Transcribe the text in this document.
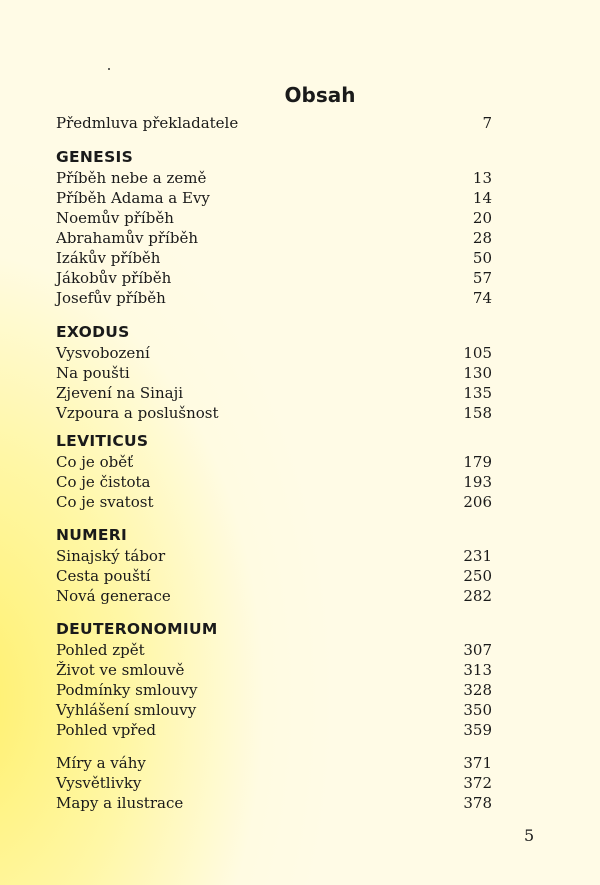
Obsah
Předmluva překladatele	7
GENESIS
Příběh nebe a země	13
Příběh Adama a Evy	14
Noemův příběh	20
Abrahamův příběh	28
Izákův příběh	50
Jákobův příběh	57
Josefův příběh	74
EXODUS
Vysvobození	105
Na poušti	130
Zjevení na Sinaji	135
Vzpoura a poslušnost	158
LEVITICUS
Co je oběť	179
Co je čistota	193
Co je svatost	206
NUMERI
Sinajský tábor	231
Cesta pouští	250
Nová generace	282
DEUTERONOMIUM
Pohled zpět	307
Život ve smlouvě	313
Podmínky smlouvy	328
Vyhlášení smlouvy	350
Pohled vpřed	359
Míry a váhy	371
Vysvětlivky	372
Mapy a ilustrace	378
5
